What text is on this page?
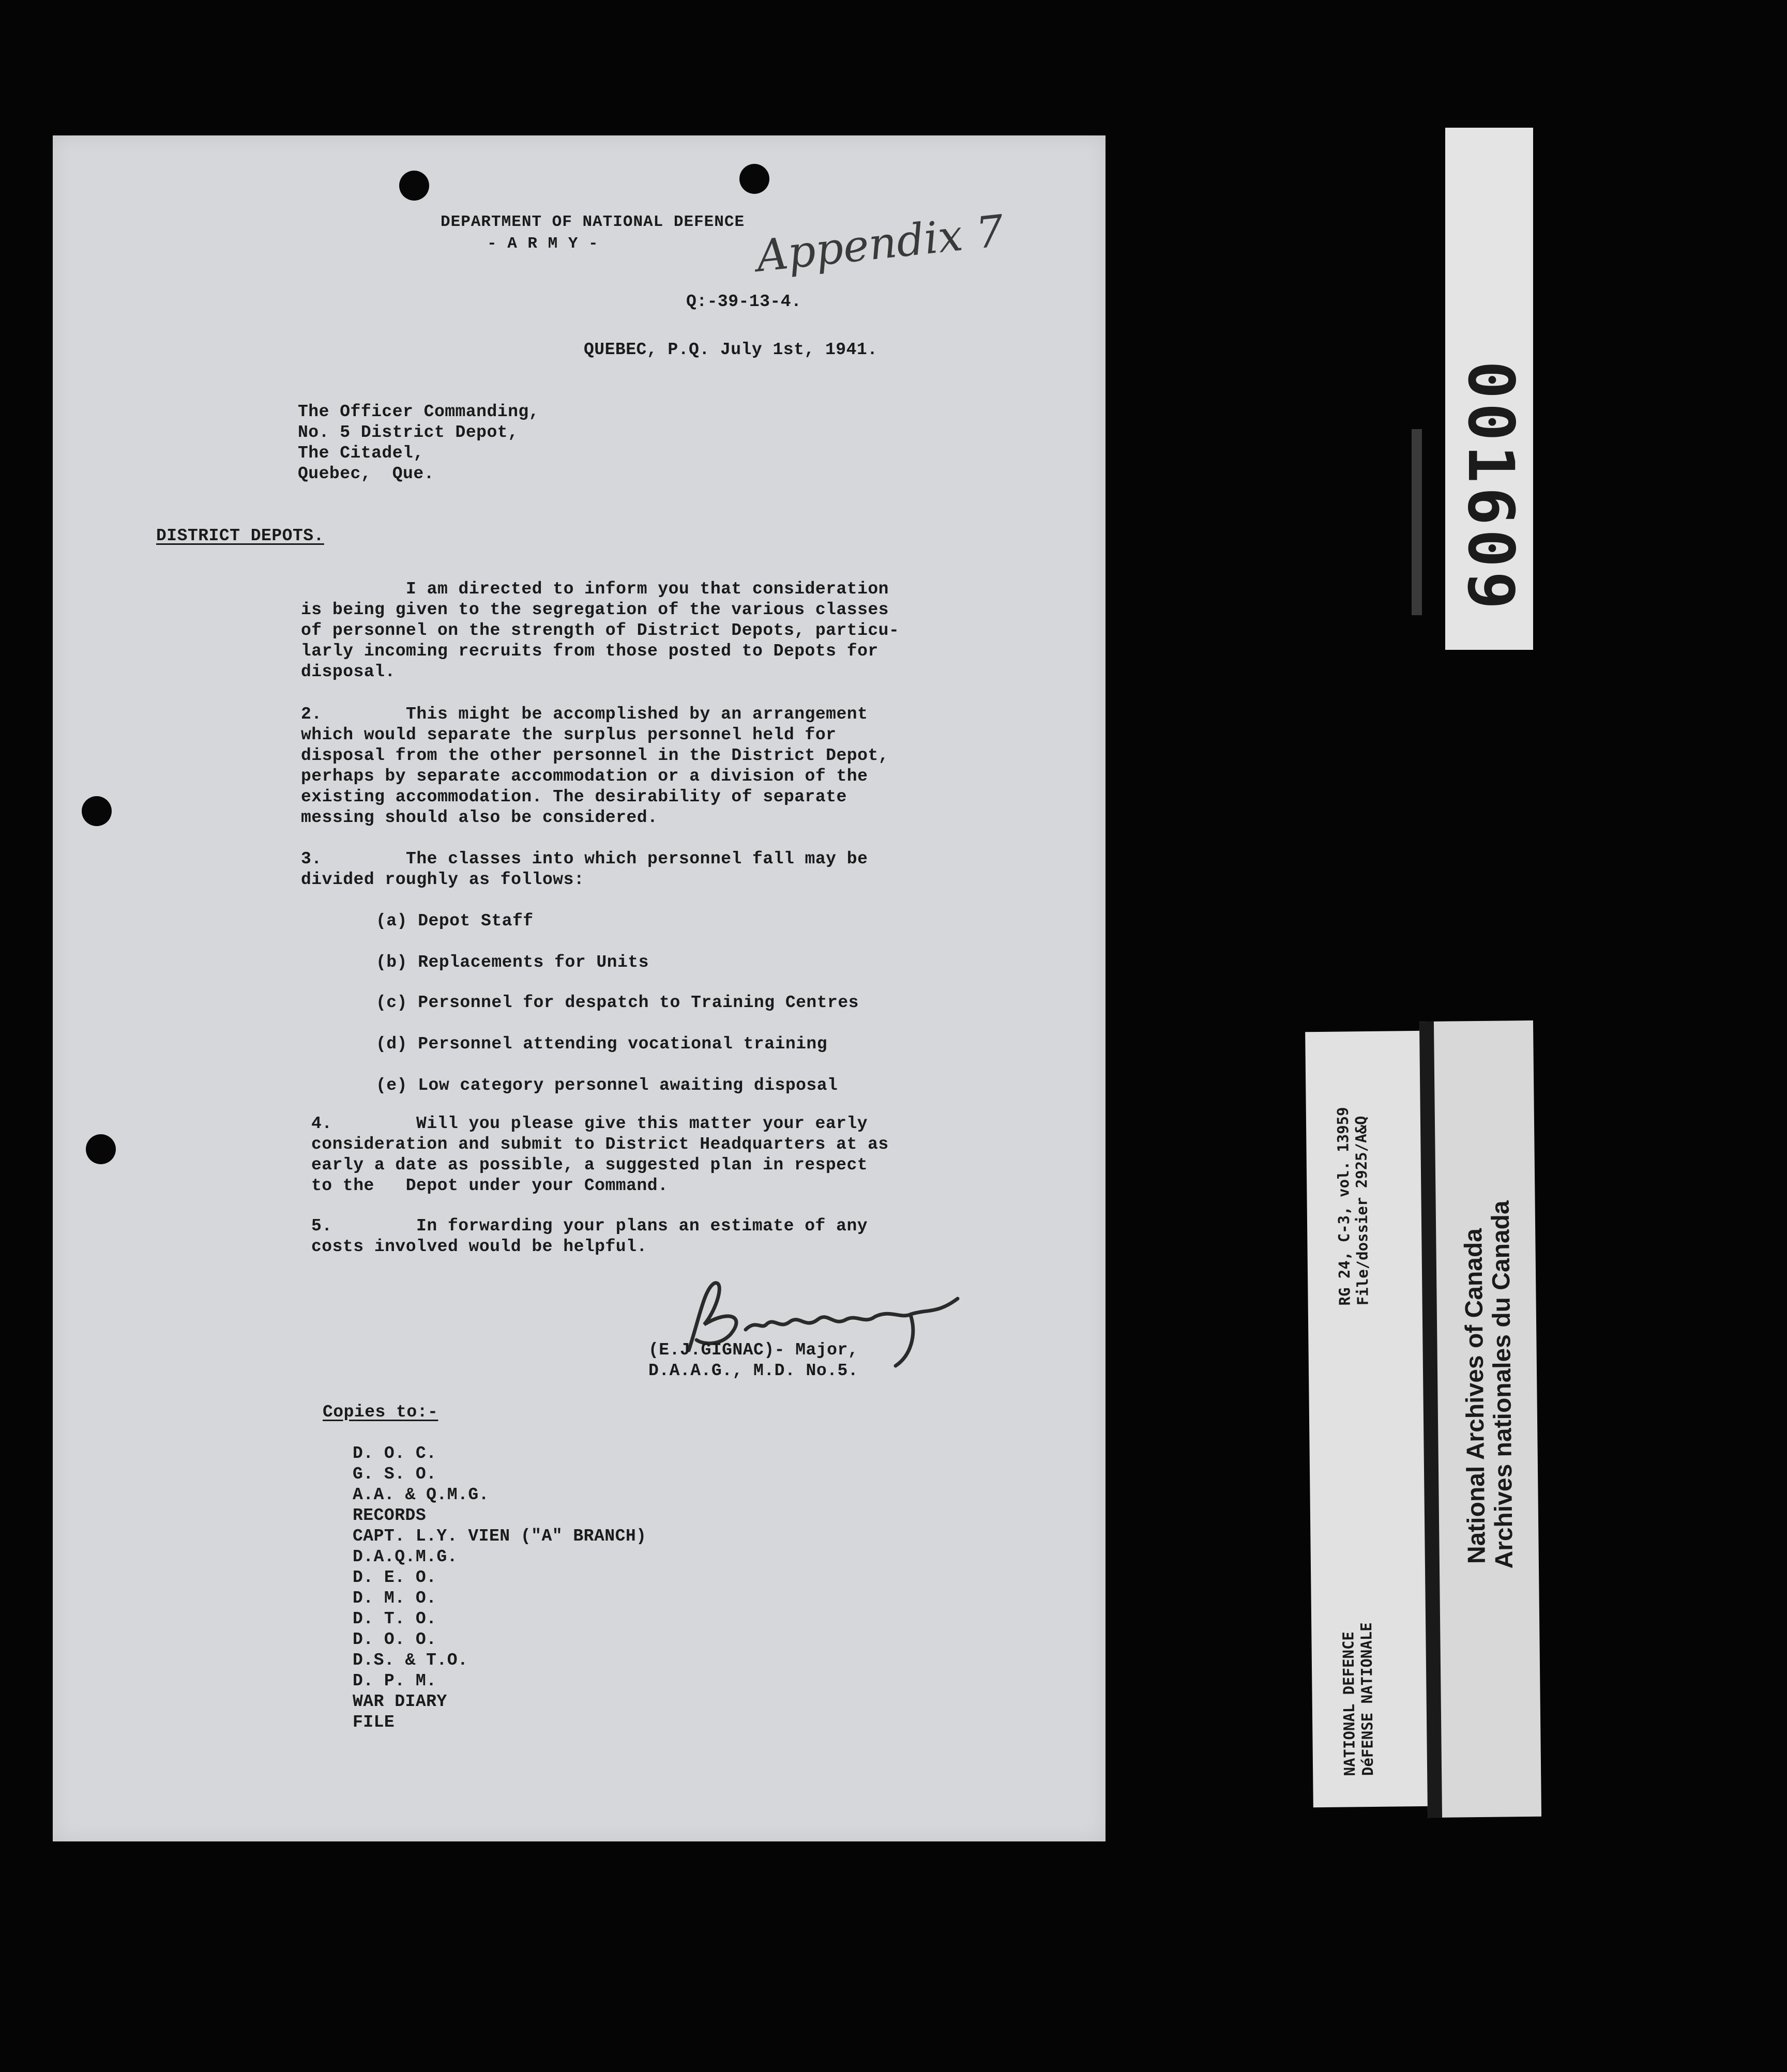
DEPARTMENT OF NATIONAL DEFENCE
- A R M Y -	Appendix 7
Q:-39-13-4.
QUEBEC, P.Q. July 1st, 1941.
The Officer Commanding,
No. 5 District Depot,
The Citadel,
Quebec,  Que.
DISTRICT DEPOTS.
I am directed to inform you that consideration
is being given to the segregation of the various classes
of personnel on the strength of District Depots, particu-
larly incoming recruits from those posted to Depots for
disposal.
2.        This might be accomplished by an arrangement
which would separate the surplus personnel held for
disposal from the other personnel in the District Depot,
perhaps by separate accommodation or a division of the
existing accommodation. The desirability of separate
messing should also be considered.
3.        The classes into which personnel fall may be
divided roughly as follows:
(a) Depot Staff
(b) Replacements for Units
(c) Personnel for despatch to Training Centres
(d) Personnel attending vocational training
(e) Low category personnel awaiting disposal
4.        Will you please give this matter your early
consideration and submit to District Headquarters at as
early a date as possible, a suggested plan in respect
to the   Depot under your Command.
5.        In forwarding your plans an estimate of any
costs involved would be helpful.
(E.J.GIGNAC)- Major,
D.A.A.G., M.D. No.5.
Copies to:-
D. O. C.
G. S. O.
A.A. & Q.M.G.
RECORDS
CAPT. L.Y. VIEN ("A" BRANCH)
D.A.Q.M.G.
D. E. O.
D. M. O.
D. T. O.
D. O. O.
D.S. & T.O.
D. P. M.
WAR DIARY
FILE
001609
RG 24, C-3, vol. 13959
File/dossier 2925/A&Q
NATIONAL DEFENCE
DéFENSE NATIONALE
National Archives of Canada
Archives nationales du Canada
